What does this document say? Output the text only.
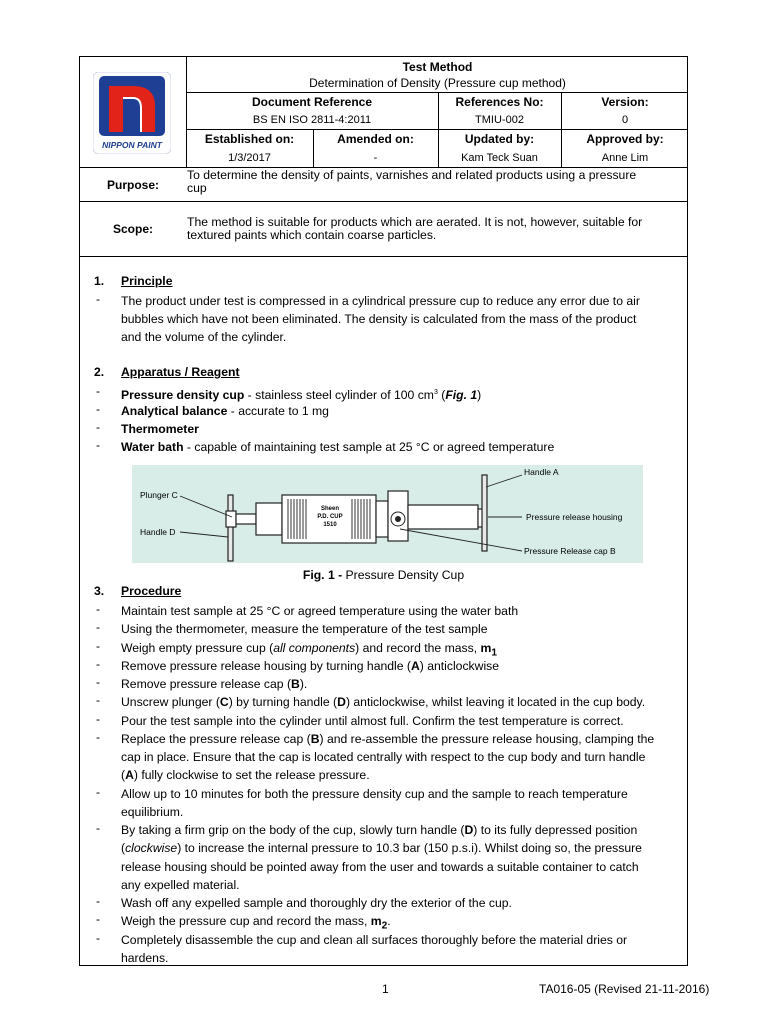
NIPPON PAINT
Test Method
Determination of Density (Pressure cup method)
Document Reference
BS EN ISO 2811-4:2011
References No:
TMIU-002
Version:
0
Established on:
1/3/2017
Amended on:
-
Updated by:
Kam Teck Suan
Approved by:
Anne Lim
Purpose:
To determine the density of paints, varnishes and related products using a pressure
cup
Scope:	The method is suitable for products which are aerated. It is not, however, suitable for
textured paints which contain coarse particles.
1. Principle
- The product under test is compressed in a cylindrical pressure cup to reduce any error due to air
bubbles which have not been eliminated. The density is calculated from the mass of the product
and the volume of the cylinder.
2. Apparatus / Reagent
- Pressure density cup - stainless steel cylinder of 100 $cm^3$ (Fig. 1)
- Analytical balance - accurate to 1 mg
- Thermometer
- Water bath - capable of maintaining test sample at 25 °C or agreed temperature
Sheen
P.D. CUP
1510
Plunger C
Handle D
Handle A
Pressure release housing
Pressure Release cap B
Fig. 1 - Pressure Density Cup
3. Procedure
- Maintain test sample at 25 °C or agreed temperature using the water bath
- Using the thermometer, measure the temperature of the test sample
- Weigh empty pressure cup (all components) and record the mass, $m_1$
- Remove pressure release housing by turning handle (A) anticlockwise
- Remove pressure release cap (B).
- Unscrew plunger (C) by turning handle (D) anticlockwise, whilst leaving it located in the cup body.
- Pour the test sample into the cylinder until almost full. Confirm the test temperature is correct.
- Replace the pressure release cap (B) and re-assemble the pressure release housing, clamping the
cap in place. Ensure that the cap is located centrally with respect to the cup body and turn handle
(A) fully clockwise to set the release pressure.
- Allow up to 10 minutes for both the pressure density cup and the sample to reach temperature
equilibrium.
- By taking a firm grip on the body of the cup, slowly turn handle (D) to its fully depressed position
(clockwise) to increase the internal pressure to 10.3 bar (150 p.s.i). Whilst doing so, the pressure
release housing should be pointed away from the user and towards a suitable container to catch
any expelled material.
- Wash off any expelled sample and thoroughly dry the exterior of the cup.
- Weigh the pressure cup and record the mass, $m_2$.
- Completely disassemble the cup and clean all surfaces thoroughly before the material dries or
hardens.
1	TA016-05 (Revised 21-11-2016)
